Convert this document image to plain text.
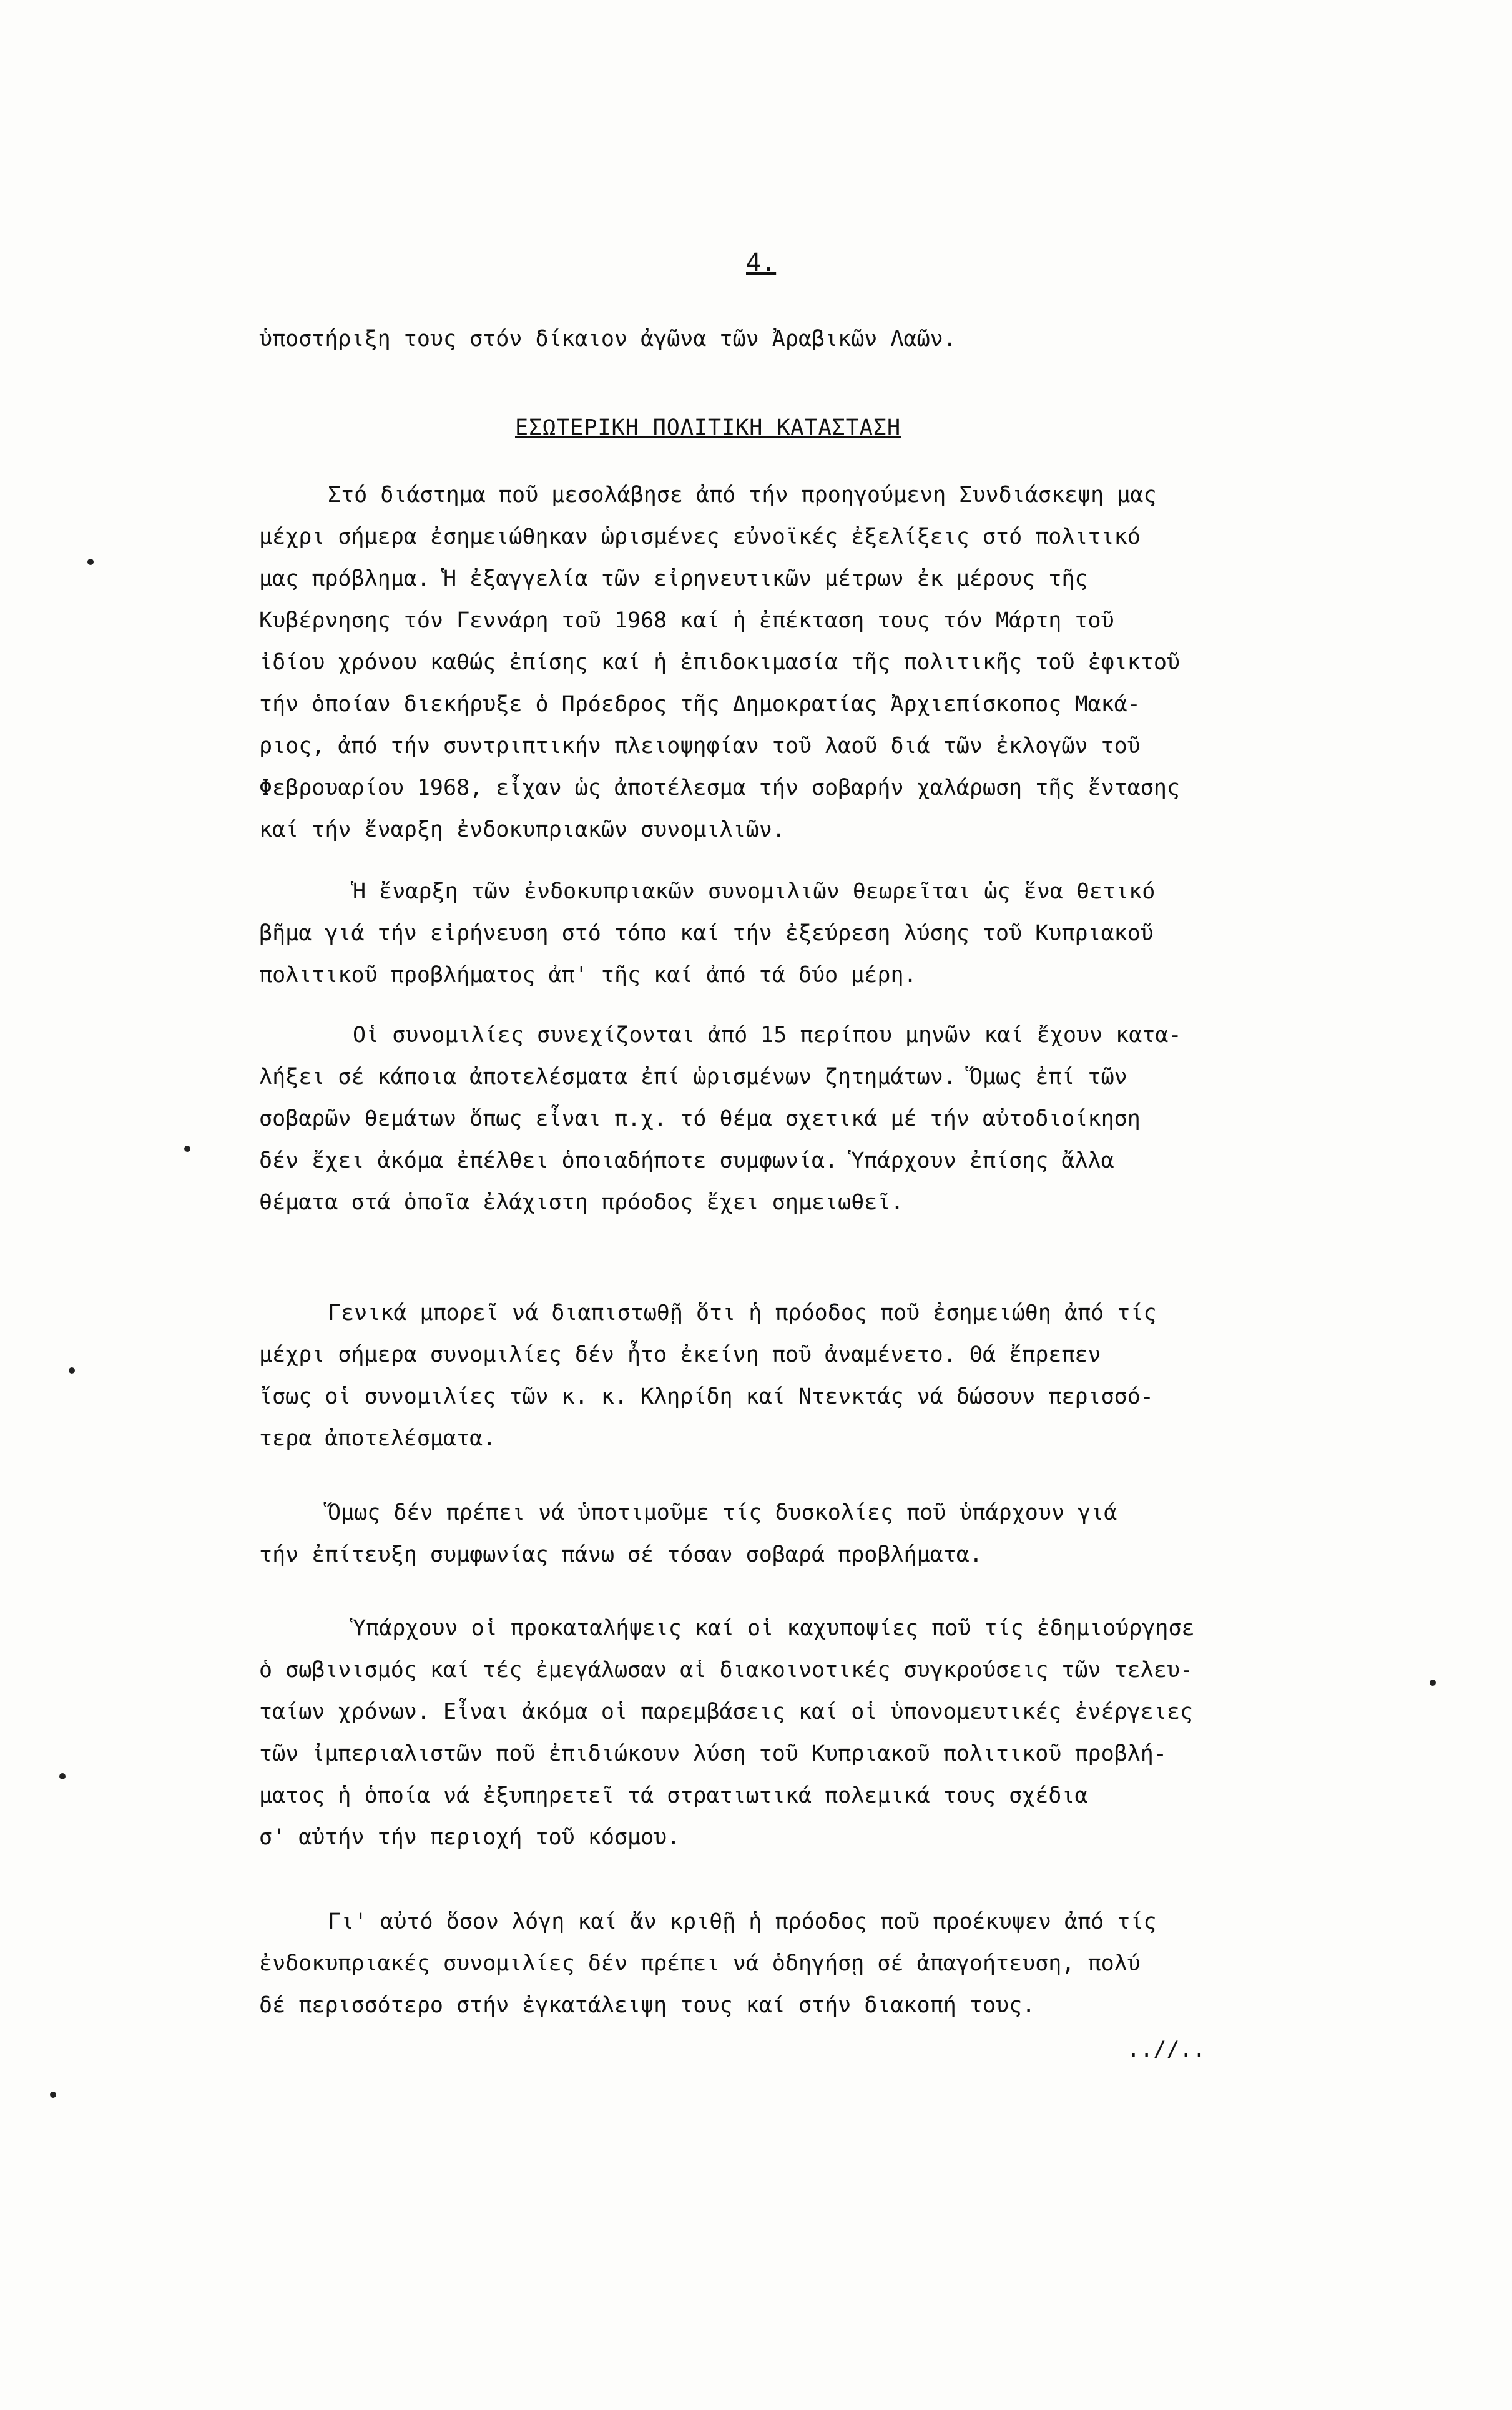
4.
ὑποστήριξη τους στόν δίκαιον ἀγῶνα τῶν Ἀραβικῶν Λαῶν.
ΕΣΩΤΕΡΙΚΗ ΠΟΛΙΤΙΚΗ ΚΑΤΑΣΤΑΣΗ
Στό διάστημα ποῦ μεσολάβησε ἀπό τήν προηγούμενη Συνδιάσκεψη μας
μέχρι σήμερα ἐσημειώθηκαν ὡρισμένες εὐνοϊκές ἐξελίξεις στό πολιτικό
μας πρόβλημα. Ἡ ἐξαγγελία τῶν εἰρηνευτικῶν μέτρων ἐκ μέρους τῆς
Κυβέρνησης τόν Γεννάρη τοῦ 1968 καί ἡ ἐπέκταση τους τόν Μάρτη τοῦ
ἰδίου χρόνου καθώς ἐπίσης καί ἡ ἐπιδοκιμασία τῆς πολιτικῆς τοῦ ἐφικτοῦ
τήν ὁποίαν διεκήρυξε ὁ Πρόεδρος τῆς Δημοκρατίας Ἀρχιεπίσκοπος Μακά-
ριος, ἀπό τήν συντριπτικήν πλειοψηφίαν τοῦ λαοῦ διά τῶν ἐκλογῶν τοῦ
Φεβρουαρίου 1968, εἶχαν ὡς ἀποτέλεσμα τήν σοβαρήν χαλάρωση τῆς ἔντασης
καί τήν ἔναρξη ἐνδοκυπριακῶν συνομιλιῶν.
Ἡ ἔναρξη τῶν ἐνδοκυπριακῶν συνομιλιῶν θεωρεῖται ὡς ἕνα θετικό
βῆμα γιά τήν εἰρήνευση στό τόπο καί τήν ἐξεύρεση λύσης τοῦ Κυπριακοῦ
πολιτικοῦ προβλήματος ἀπ' τῆς καί ἀπό τά δύο μέρη.
Οἱ συνομιλίες συνεχίζονται ἀπό 15 περίπου μηνῶν καί ἔχουν κατα-
λήξει σέ κάποια ἀποτελέσματα ἐπί ὡρισμένων ζητημάτων. Ὅμως ἐπί τῶν
σοβαρῶν θεμάτων ὅπως εἶναι π.χ. τό θέμα σχετικά μέ τήν αὐτοδιοίκηση
δέν ἔχει ἀκόμα ἐπέλθει ὁποιαδήποτε συμφωνία. Ὑπάρχουν ἐπίσης ἄλλα
θέματα στά ὁποῖα ἐλάχιστη πρόοδος ἔχει σημειωθεῖ.
Γενικά μπορεῖ νά διαπιστωθῇ ὅτι ἡ πρόοδος ποῦ ἐσημειώθη ἀπό τίς
μέχρι σήμερα συνομιλίες δέν ἦτο ἐκείνη ποῦ ἀναμένετο. Θά ἔπρεπεν
ἴσως οἱ συνομιλίες τῶν κ. κ. Κληρίδη καί Ντενκτάς νά δώσουν περισσό-
τερα ἀποτελέσματα.
Ὅμως δέν πρέπει νά ὑποτιμοῦμε τίς δυσκολίες ποῦ ὑπάρχουν γιά
τήν ἐπίτευξη συμφωνίας πάνω σέ τόσαν σοβαρά προβλήματα.
Ὑπάρχουν οἱ προκαταλήψεις καί οἱ καχυποψίες ποῦ τίς ἐδημιούργησε
ὁ σωβινισμός καί τές ἐμεγάλωσαν αἱ διακοινοτικές συγκρούσεις τῶν τελευ-
ταίων χρόνων. Εἶναι ἀκόμα οἱ παρεμβάσεις καί οἱ ὑπονομευτικές ἐνέργειες
τῶν ἰμπεριαλιστῶν ποῦ ἐπιδιώκουν λύση τοῦ Κυπριακοῦ πολιτικοῦ προβλή-
ματος ἡ ὁποία νά ἐξυπηρετεῖ τά στρατιωτικά πολεμικά τους σχέδια
σ' αὐτήν τήν περιοχή τοῦ κόσμου.
Γι' αὐτό ὅσον λόγη καί ἄν κριθῇ ἡ πρόοδος ποῦ προέκυψεν ἀπό τίς
ἐνδοκυπριακές συνομιλίες δέν πρέπει νά ὁδηγήσῃ σέ ἀπαγοήτευση, πολύ
δέ περισσότερο στήν ἐγκατάλειψη τους καί στήν διακοπή τους.
..//..
